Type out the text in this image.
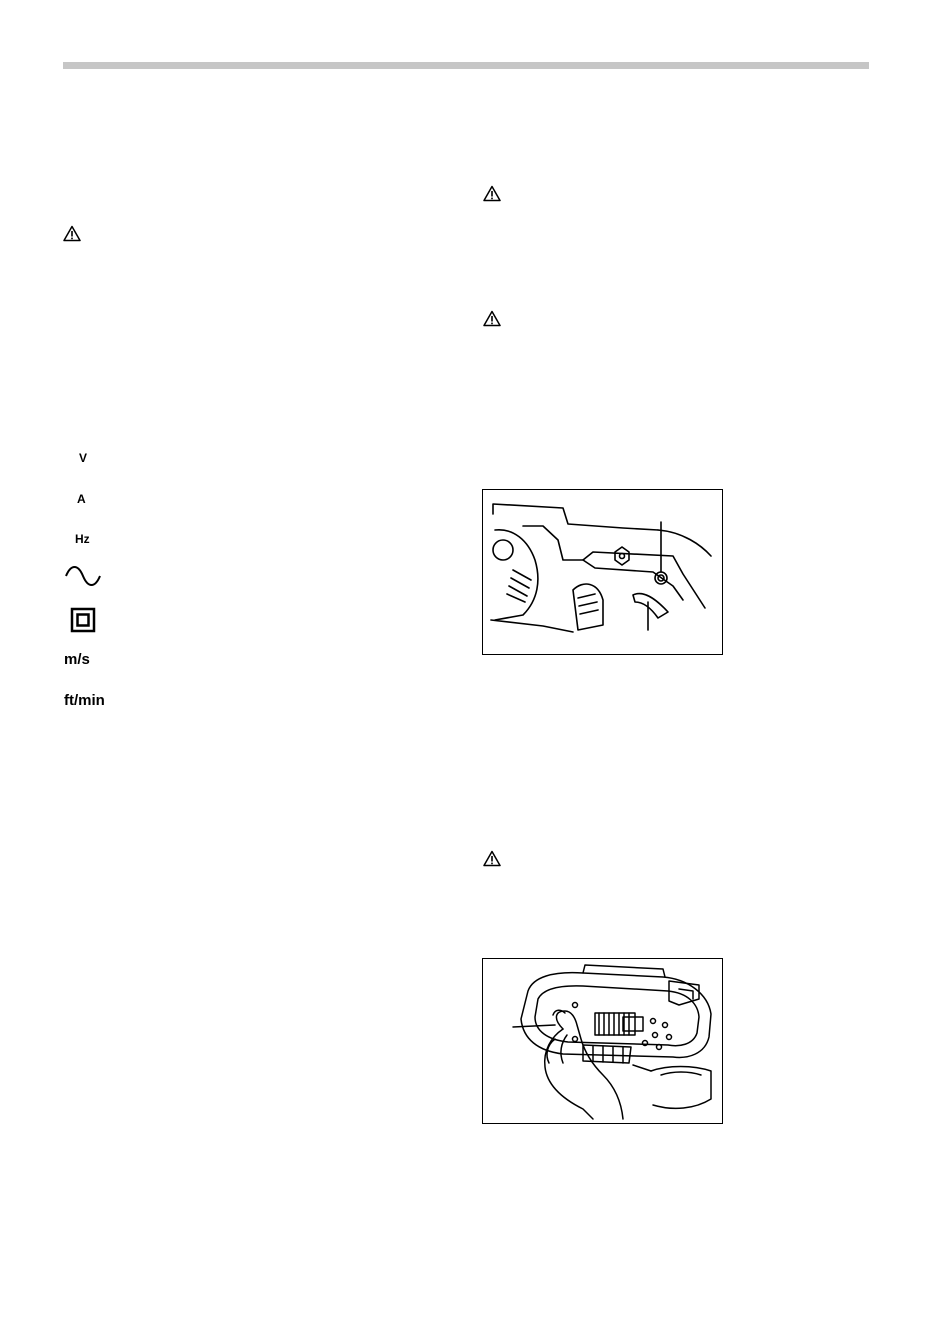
V
A
Hz
m/s
ft/min
